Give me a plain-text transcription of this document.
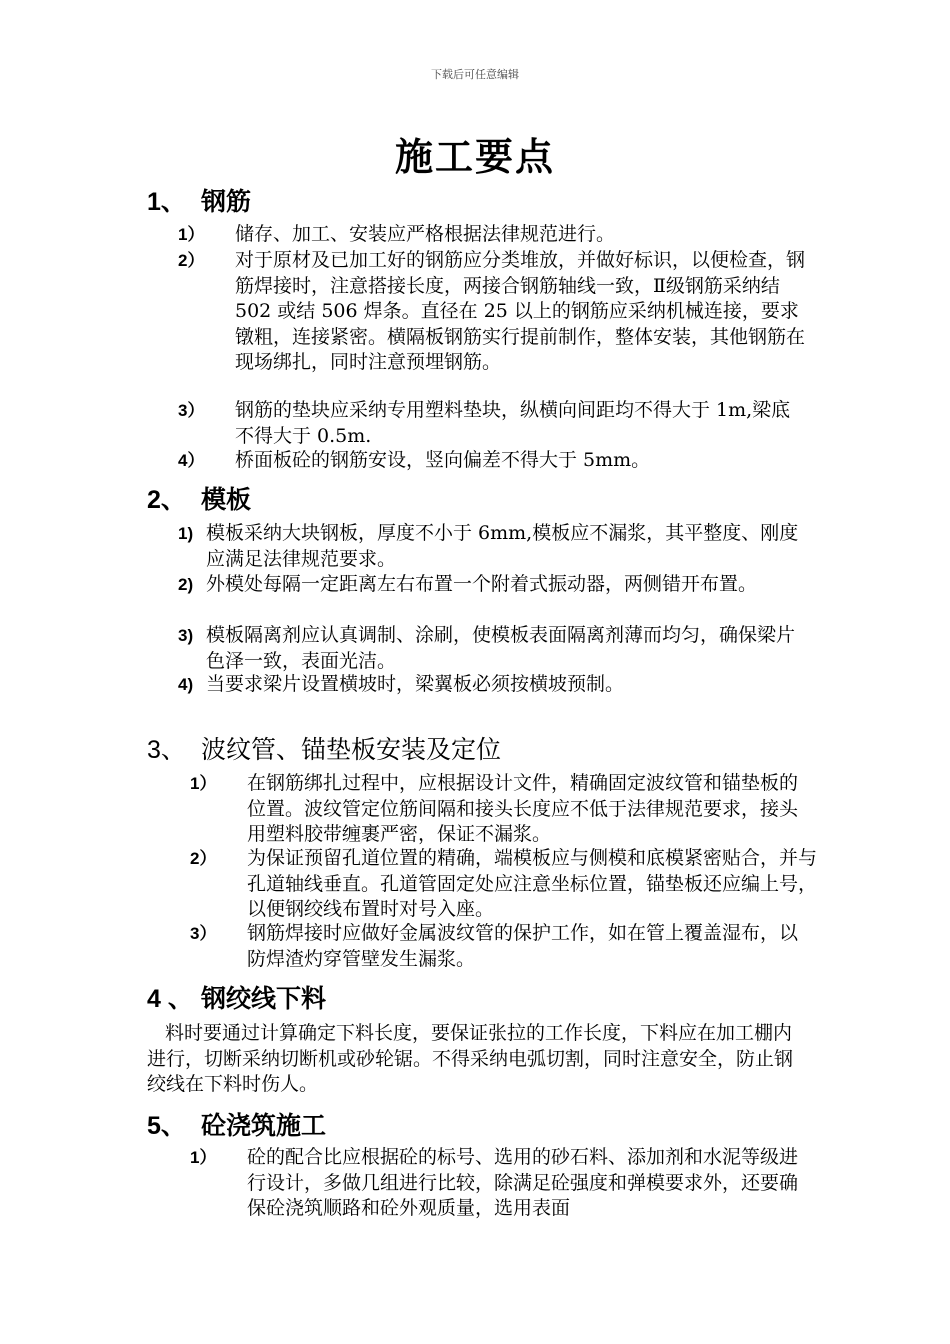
下载后可任意编辑
施工要点
1、 钢筋
1） 储存、加工、安装应严格根据法律规范进行。
2） 对于原材及已加工好的钢筋应分类堆放，并做好标识，以便检查，钢筋焊接时，注意搭接长度，两接合钢筋轴线一致，Ⅱ级钢筋采纳结 502 或结 506 焊条。直径在 25 以上的钢筋应采纳机械连接，要求镦粗，连接紧密。横隔板钢筋实行提前制作，整体安装，其他钢筋在现场绑扎，同时注意预埋钢筋。
3） 钢筋的垫块应采纳专用塑料垫块，纵横向间距均不得大于 1m,梁底不得大于 0.5m.
4） 桥面板砼的钢筋安设，竖向偏差不得大于 5mm。
2、 模板
1) 模板采纳大块钢板，厚度不小于 6mm,模板应不漏浆，其平整度、刚度应满足法律规范要求。
2) 外模处每隔一定距离左右布置一个附着式振动器，两侧错开布置。
3) 模板隔离剂应认真调制、涂刷，使模板表面隔离剂薄而均匀，确保梁片色泽一致，表面光洁。
4) 当要求梁片设置横坡时，梁翼板必须按横坡预制。
3、 波纹管、锚垫板安装及定位
1） 在钢筋绑扎过程中，应根据设计文件，精确固定波纹管和锚垫板的位置。波纹管定位筋间隔和接头长度应不低于法律规范要求，接头用塑料胶带缠裹严密，保证不漏浆。
2） 为保证预留孔道位置的精确，端模板应与侧模和底模紧密贴合，并与孔道轴线垂直。孔道管固定处应注意坐标位置，锚垫板还应编上号，以便钢绞线布置时对号入座。
3） 钢筋焊接时应做好金属波纹管的保护工作，如在管上覆盖湿布，以防焊渣灼穿管壁发生漏浆。
4 、 钢绞线下料
料时要通过计算确定下料长度，要保证张拉的工作长度，下料应在加工棚内进行，切断采纳切断机或砂轮锯。不得采纳电弧切割，同时注意安全，防止钢绞线在下料时伤人。
5、 砼浇筑施工
1） 砼的配合比应根据砼的标号、选用的砂石料、添加剂和水泥等级进行设计，多做几组进行比较，除满足砼强度和弹模要求外，还要确保砼浇筑顺路和砼外观质量，选用表面
